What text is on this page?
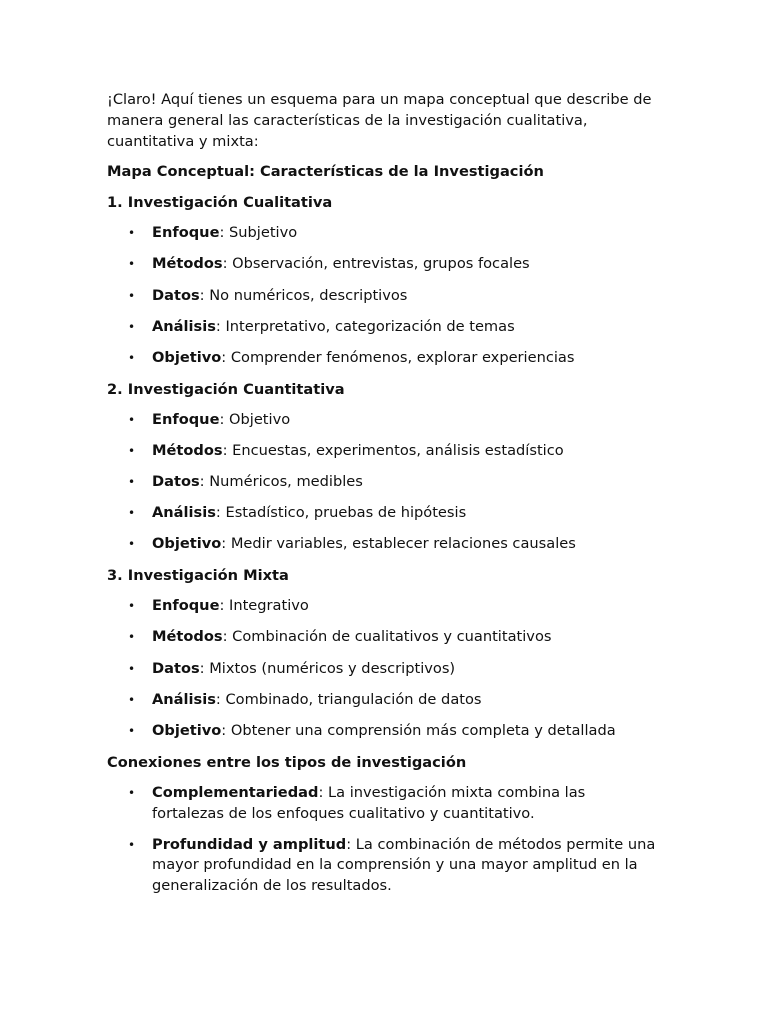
¡Claro! Aquí tienes un esquema para un mapa conceptual que describe de manera general las características de la investigación cualitativa, cuantitativa y mixta:

Mapa Conceptual: Características de la Investigación
1. Investigación Cualitativa
• Enfoque: Subjetivo
• Métodos: Observación, entrevistas, grupos focales
• Datos: No numéricos, descriptivos
• Análisis: Interpretativo, categorización de temas
• Objetivo: Comprender fenómenos, explorar experiencias
2. Investigación Cuantitativa
• Enfoque: Objetivo
• Métodos: Encuestas, experimentos, análisis estadístico
• Datos: Numéricos, medibles
• Análisis: Estadístico, pruebas de hipótesis
• Objetivo: Medir variables, establecer relaciones causales
3. Investigación Mixta
• Enfoque: Integrativo
• Métodos: Combinación de cualitativos y cuantitativos
• Datos: Mixtos (numéricos y descriptivos)
• Análisis: Combinado, triangulación de datos
• Objetivo: Obtener una comprensión más completa y detallada
Conexiones entre los tipos de investigación
• Complementariedad: La investigación mixta combina las fortalezas de los enfoques cualitativo y cuantitativo.
• Profundidad y amplitud: La combinación de métodos permite una mayor profundidad en la comprensión y una mayor amplitud en la generalización de los resultados.
